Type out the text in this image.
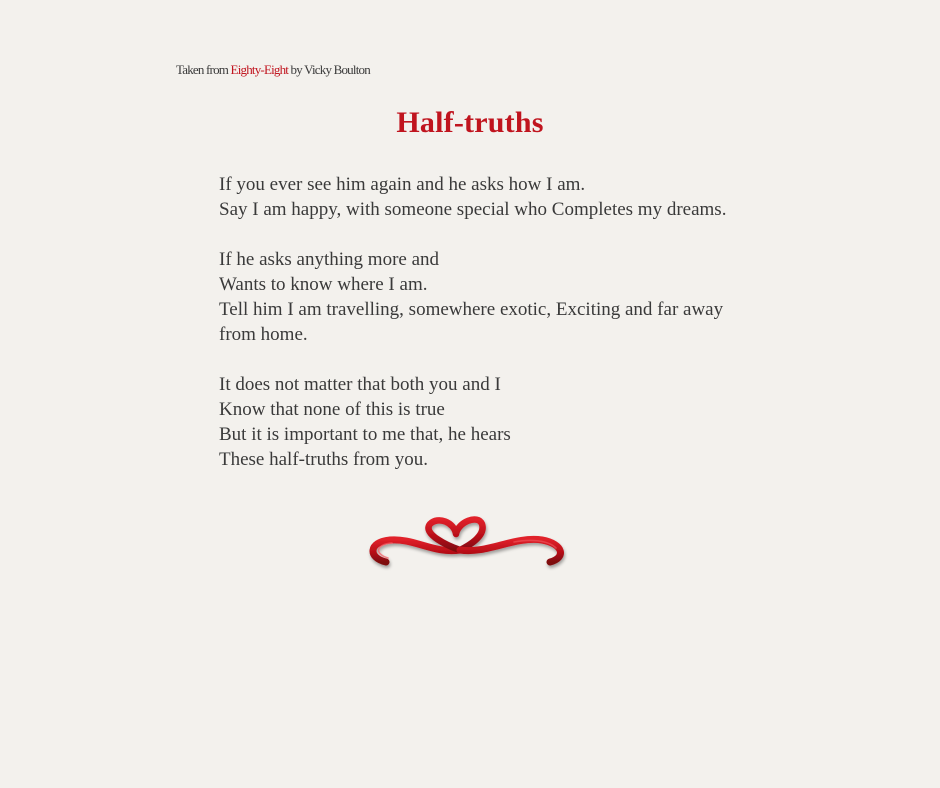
Taken from Eighty-Eight by Vicky Boulton
Half-truths
If you ever see him again and he asks how I am.
Say I am happy, with someone special who Completes my dreams.
If he asks anything more and
Wants to know where I am.
Tell him I am travelling, somewhere exotic, Exciting and far away from home.
It does not matter that both you and I
Know that none of this is true
But it is important to me that, he hears
These half-truths from you.
